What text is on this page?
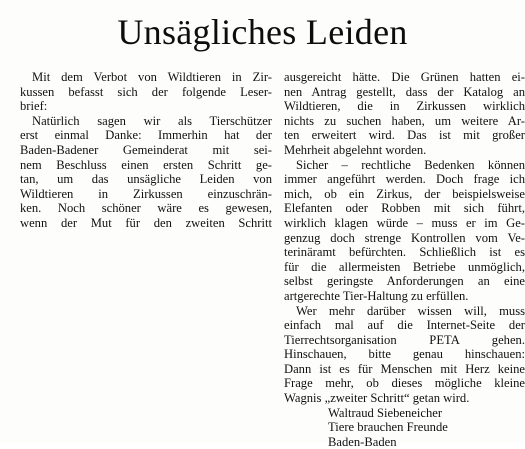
Unsägliches Leiden
Mit dem Verbot von Wildtieren in Zir-
kussen befasst sich der folgende Leser-
brief:
Natürlich sagen wir als Tierschützer
erst einmal Danke: Immerhin hat der
Baden-Badener Gemeinderat mit sei-
nem Beschluss einen ersten Schritt ge-
tan, um das unsägliche Leiden von
Wildtieren in Zirkussen einzuschrän-
ken. Noch schöner wäre es gewesen,
wenn der Mut für den zweiten Schritt
ausgereicht hätte. Die Grünen hatten ei-
nen Antrag gestellt, dass der Katalog an
Wildtieren, die in Zirkussen wirklich
nichts zu suchen haben, um weitere Ar-
ten erweitert wird. Das ist mit großer
Mehrheit abgelehnt worden.
Sicher – rechtliche Bedenken können
immer angeführt werden. Doch frage ich
mich, ob ein Zirkus, der beispielsweise
Elefanten oder Robben mit sich führt,
wirklich klagen würde – muss er im Ge-
genzug doch strenge Kontrollen vom Ve-
terinäramt befürchten. Schließlich ist es
für die allermeisten Betriebe unmöglich,
selbst geringste Anforderungen an eine
artgerechte Tier-Haltung zu erfüllen.
Wer mehr darüber wissen will, muss
einfach mal auf die Internet-Seite der
Tierrechtsorganisation PETA gehen.
Hinschauen, bitte genau hinschauen:
Dann ist es für Menschen mit Herz keine
Frage mehr, ob dieses mögliche kleine
Wagnis „zweiter Schritt“ getan wird.
Waltraud Siebeneicher
Tiere brauchen Freunde
Baden-Baden
